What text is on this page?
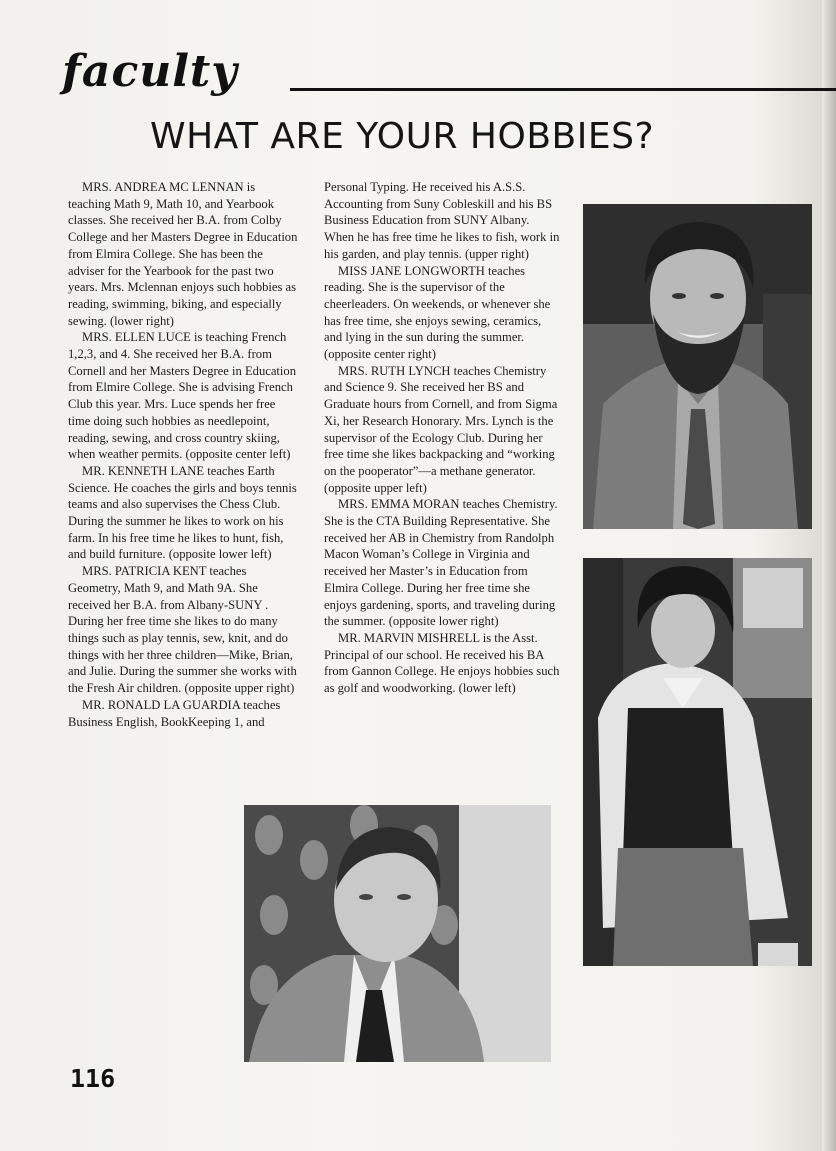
faculty
WHAT ARE YOUR HOBBIES?

MRS. ANDREA MC LENNAN is teaching Math 9, Math 10, and Yearbook classes. She received her B.A. from Colby College and her Masters Degree in Education from Elmira College. She has been the adviser for the Yearbook for the past two years. Mrs. Mclennan enjoys such hobbies as reading, swimming, biking, and especially sewing. (lower right)

MRS. ELLEN LUCE is teaching French 1,2,3, and 4. She received her B.A. from Cornell and her Masters Degree in Education from Elmire College. She is advising French Club this year. Mrs. Luce spends her free time doing such hobbies as needlepoint, reading, sewing, and cross country skiing, when weather permits. (opposite center left)

MR. KENNETH LANE teaches Earth Science. He coaches the girls and boys tennis teams and also supervises the Chess Club. During the summer he likes to work on his farm. In his free time he likes to hunt, fish, and build furniture. (opposite lower left)

MRS. PATRICIA KENT teaches Geometry, Math 9, and Math 9A. She received her B.A. from Albany-SUNY . During her free time she likes to do many things such as play tennis, sew, knit, and do things with her three children—Mike, Brian, and Julie. During the summer she works with the Fresh Air children. (opposite upper right)

MR. RONALD LA GUARDIA teaches Business English, BookKeeping 1, and

Personal Typing. He received his A.S.S. Accounting from Suny Cobleskill and his BS Business Education from SUNY Albany. When he has free time he likes to fish, work in his garden, and play tennis. (upper right)

MISS JANE LONGWORTH teaches reading. She is the supervisor of the cheerleaders. On weekends, or whenever she has free time, she enjoys sewing, ceramics, and lying in the sun during the summer. (opposite center right)

MRS. RUTH LYNCH teaches Chemistry and Science 9. She received her BS and Graduate hours from Cornell, and from Sigma Xi, her Research Honorary. Mrs. Lynch is the supervisor of the Ecology Club. During her free time she likes backpacking and “working on the pooperator”—a methane generator. (opposite upper left)

MRS. EMMA MORAN teaches Chemistry. She is the CTA Building Representative. She received her AB in Chemistry from Randolph Macon Woman’s College in Virginia and received her Master’s in Education from Elmira College. During her free time she enjoys gardening, sports, and traveling during the summer. (opposite lower right)

MR. MARVIN MISHRELL is the Asst. Principal of our school. He received his BA from Gannon College. He enjoys hobbies such as golf and woodworking. (lower left)

116
